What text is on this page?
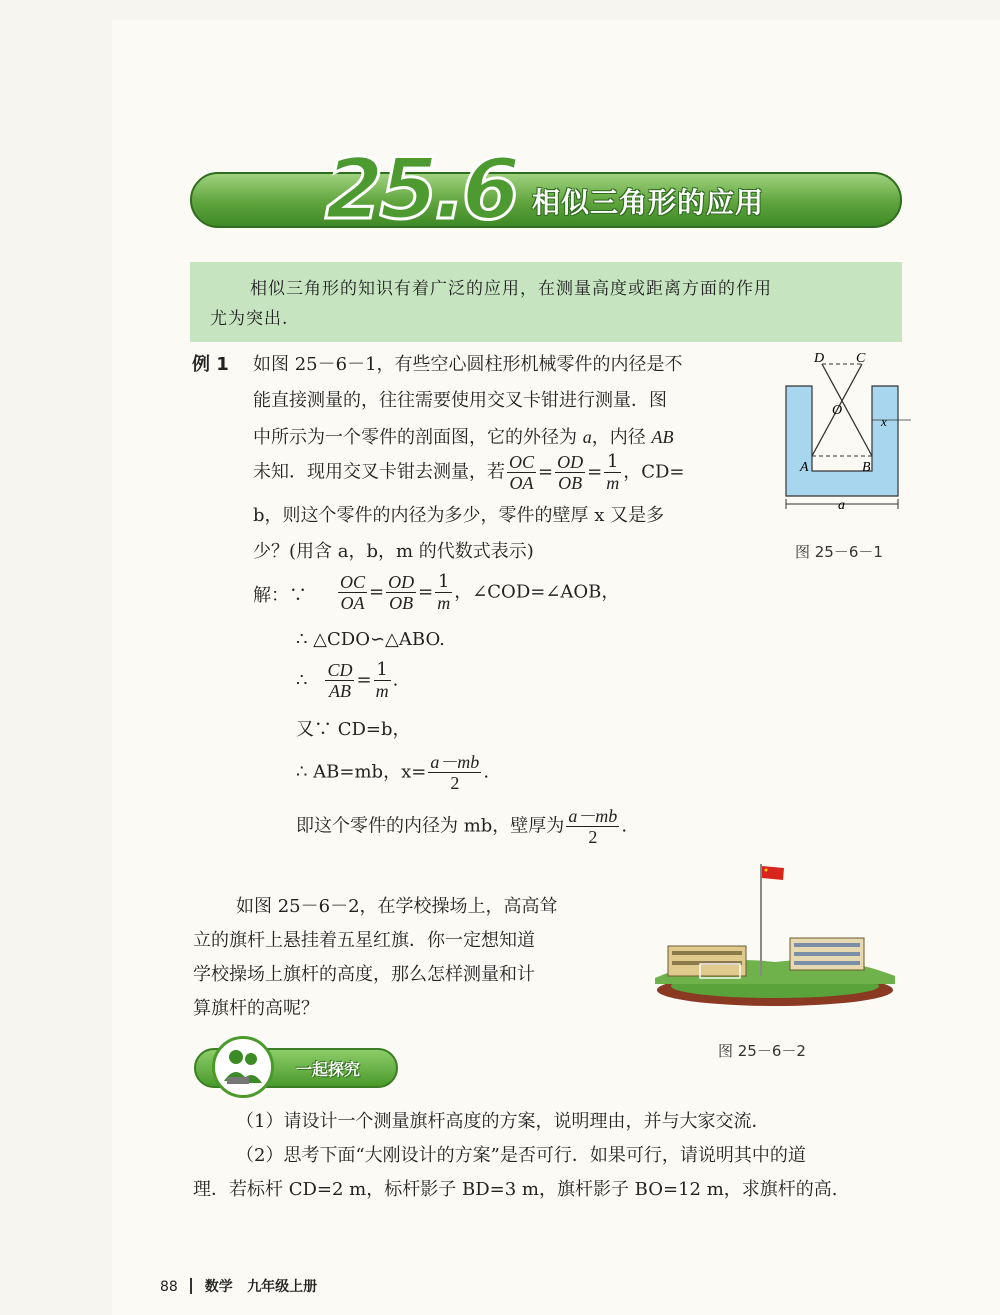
25.6 相似三角形的应用
相似三角形的知识有着广泛的应用，在测量高度或距离方面的作用
尤为突出.
例 1 如图 25－6－1，有些空心圆柱形机械零件的内径是不
能直接测量的，往往需要使用交叉卡钳进行测量．图
中所示为一个零件的剖面图，它的外径为 a，内径 AB
未知．现用交叉卡钳去测量，若 $\frac{OC}{OA} = \frac{OD}{OB} = \frac{1}{m}$ ，CD=
b，则这个零件的内径为多少，零件的壁厚 x 又是多
少？(用含 a，b，m 的代数式表示)
D C
O
A	B
x
a
图 25－6－1
解：∵ $\frac{OC}{OA} = \frac{OD}{OB} = \frac{1}{m}$ ，∠COD=∠AOB，
∴ △CDO∽△ABO.
∴ $\frac{CD}{AB} = \frac{1}{m}$ .
又∵ CD=b，
∴ AB=mb，$x= \frac{a-mb}{2}$ .
即这个零件的内径为 mb，壁厚为 $\frac{a-mb}{2}$ .
如图 25－6－2，在学校操场上，高高耸
立的旗杆上悬挂着五星红旗．你一定想知道
学校操场上旗杆的高度，那么怎样测量和计
算旗杆的高呢？
图 25－6－2
一起探究
（1）请设计一个测量旗杆高度的方案，说明理由，并与大家交流．
（2）思考下面“大刚设计的方案”是否可行．如果可行，请说明其中的道
理．若标杆 CD=2 m，标杆影子 BD=3 m，旗杆影子 BO=12 m，求旗杆的高.
88 数学 九年级上册
